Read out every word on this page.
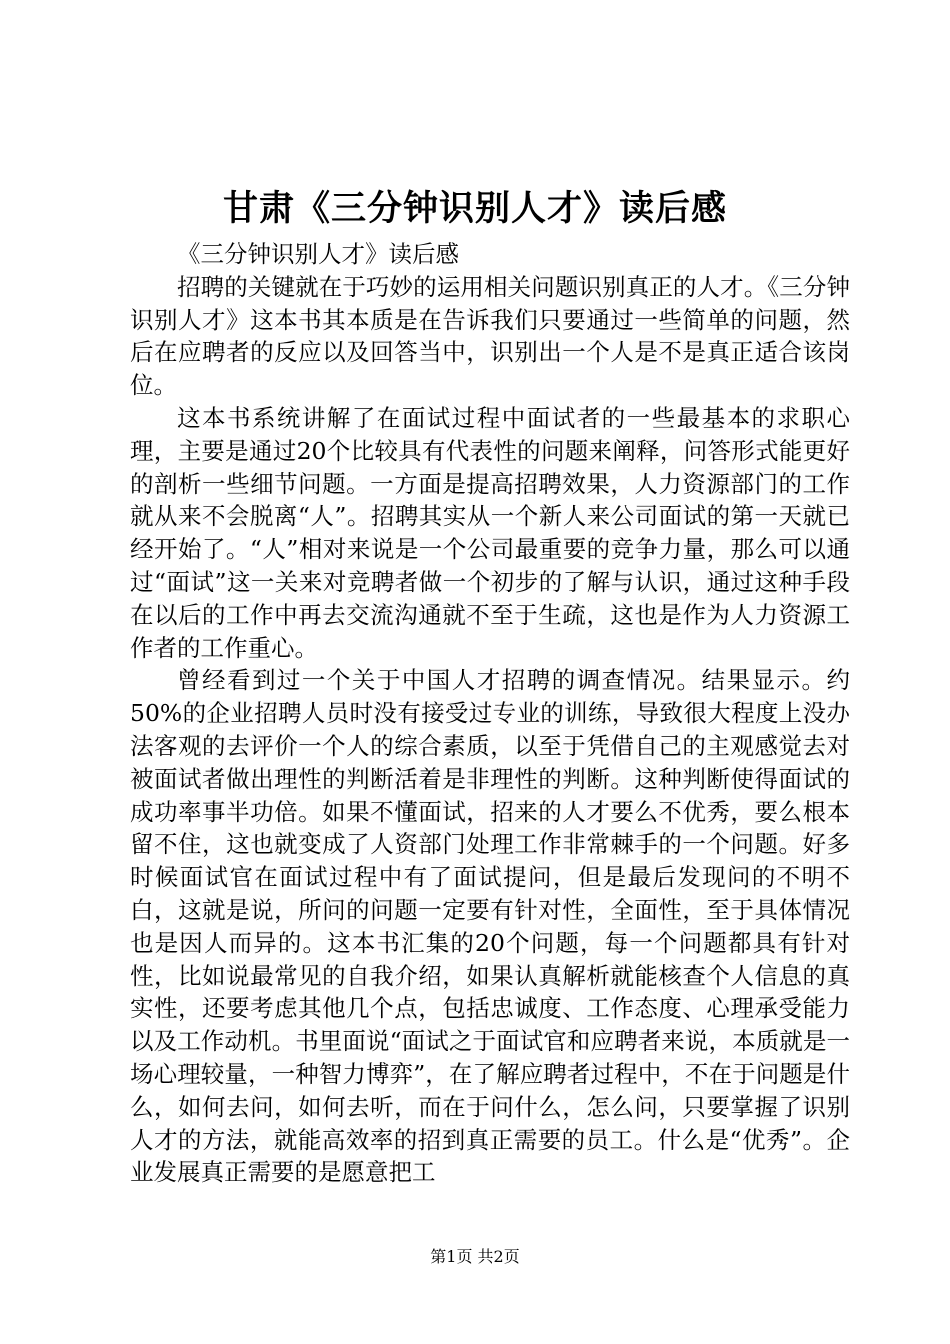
甘肃《三分钟识别人才》读后感

《三分钟识别人才》读后感

招聘的关键就在于巧妙的运用相关问题识别真正的人才。《三分钟识别人才》这本书其本质是在告诉我们只要通过一些简单的问题，然后在应聘者的反应以及回答当中，识别出一个人是不是真正适合该岗位。

这本书系统讲解了在面试过程中面试者的一些最基本的求职心理，主要是通过20个比较具有代表性的问题来阐释，问答形式能更好的剖析一些细节问题。一方面是提高招聘效果，人力资源部门的工作就从来不会脱离“人”。招聘其实从一个新人来公司面试的第一天就已经开始了。“人”相对来说是一个公司最重要的竞争力量，那么可以通过“面试”这一关来对竞聘者做一个初步的了解与认识，通过这种手段在以后的工作中再去交流沟通就不至于生疏，这也是作为人力资源工作者的工作重心。

曾经看到过一个关于中国人才招聘的调查情况。结果显示。约50%的企业招聘人员时没有接受过专业的训练，导致很大程度上没办法客观的去评价一个人的综合素质，以至于凭借自己的主观感觉去对被面试者做出理性的判断活着是非理性的判断。这种判断使得面试的成功率事半功倍。如果不懂面试，招来的人才要么不优秀，要么根本留不住，这也就变成了人资部门处理工作非常棘手的一个问题。好多时候面试官在面试过程中有了面试提问，但是最后发现问的不明不白，这就是说，所问的问题一定要有针对性，全面性，至于具体情况也是因人而异的。这本书汇集的20个问题，每一个问题都具有针对性，比如说最常见的自我介绍，如果认真解析就能核查个人信息的真实性，还要考虑其他几个点，包括忠诚度、工作态度、心理承受能力以及工作动机。书里面说“面试之于面试官和应聘者来说，本质就是一场心理较量，一种智力博弈”，在了解应聘者过程中，不在于问题是什么，如何去问，如何去听，而在于问什么，怎么问，只要掌握了识别人才的方法，就能高效率的招到真正需要的员工。什么是“优秀”。企业发展真正需要的是愿意把工

第1页 共2页
